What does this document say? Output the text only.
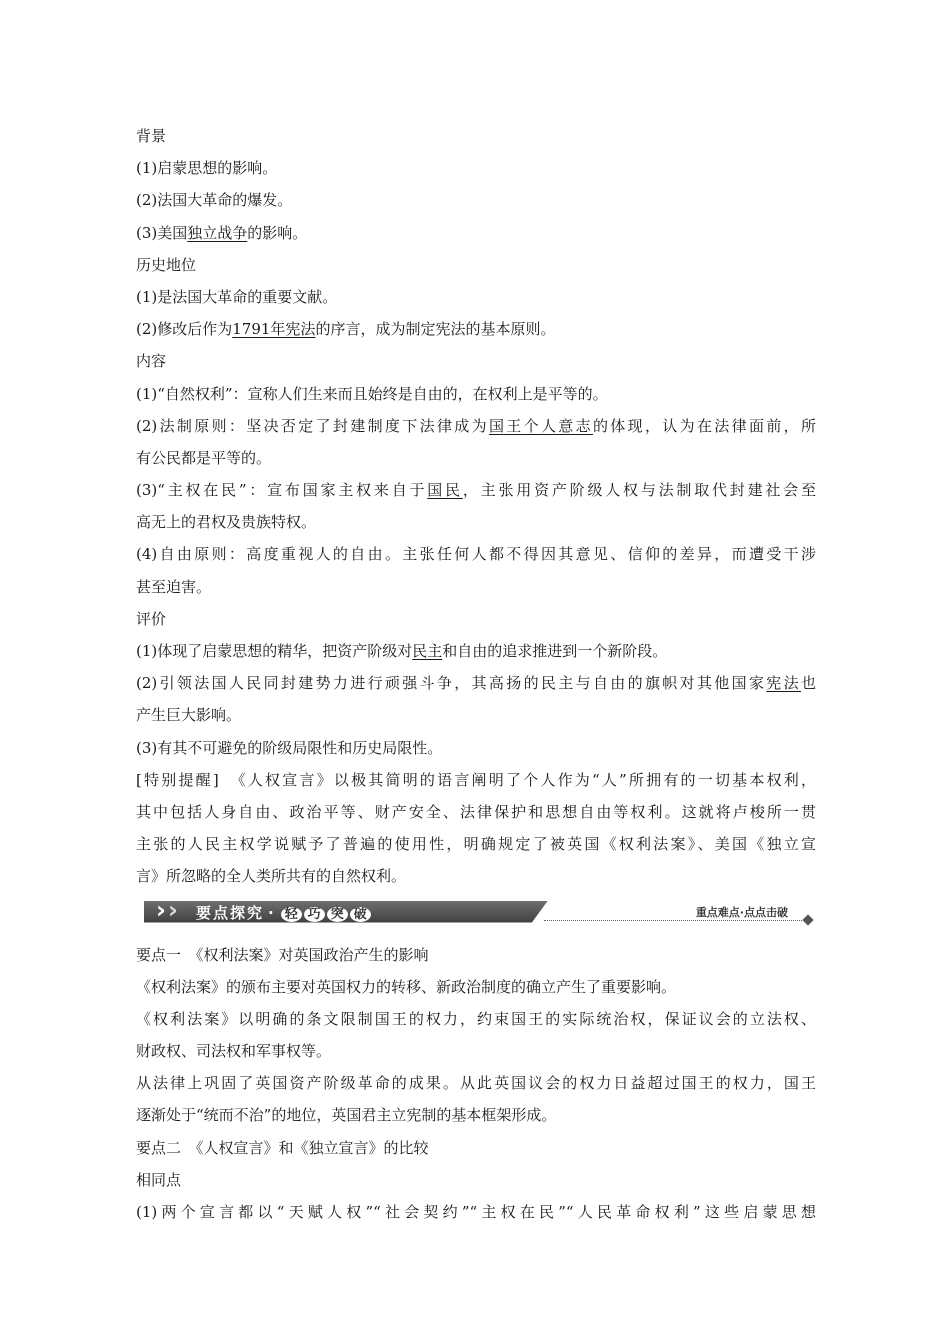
背景
(1)启蒙思想的影响。
(2)法国大革命的爆发。
(3)美国独立战争的影响。
历史地位
(1)是法国大革命的重要文献。
(2)修改后作为1791年宪法的序言，成为制定宪法的基本原则。
内容
(1)“自然权利”：宣称人们生来而且始终是自由的，在权利上是平等的。
(2)法制原则：坚决否定了封建制度下法律成为国王个人意志的体现，认为在法律面前，所
有公民都是平等的。
(3)“主权在民”：宣布国家主权来自于国民，主张用资产阶级人权与法制取代封建社会至
高无上的君权及贵族特权。
(4)自由原则：高度重视人的自由。主张任何人都不得因其意见、信仰的差异，而遭受干涉
甚至迫害。
评价
(1)体现了启蒙思想的精华，把资产阶级对民主和自由的追求推进到一个新阶段。
(2)引领法国人民同封建势力进行顽强斗争，其高扬的民主与自由的旗帜对其他国家宪法也
产生巨大影响。
(3)有其不可避免的阶级局限性和历史局限性。
[特别提醒]　《人权宣言》以极其简明的语言阐明了个人作为“人”所拥有的一切基本权利，
其中包括人身自由、政治平等、财产安全、法律保护和思想自由等权利。这就将卢梭所一贯
主张的人民主权学说赋予了普遍的使用性，明确规定了被英国《权利法案》、美国《独立宣
言》所忽略的全人类所共有的自然权利。
› › 要点探究 · 轻 巧 突 破	重点难点·点点击破
要点一　《权利法案》对英国政治产生的影响
《权利法案》的颁布主要对英国权力的转移、新政治制度的确立产生了重要影响。
《权利法案》以明确的条文限制国王的权力，约束国王的实际统治权，保证议会的立法权、
财政权、司法权和军事权等。
从法律上巩固了英国资产阶级革命的成果。从此英国议会的权力日益超过国王的权力，国王
逐渐处于“统而不治”的地位，英国君主立宪制的基本框架形成。
要点二　《人权宣言》和《独立宣言》的比较
相同点
(1)两个宣言都以“天赋人权”“社会契约”“主权在民”“人民革命权利”这些启蒙思想
